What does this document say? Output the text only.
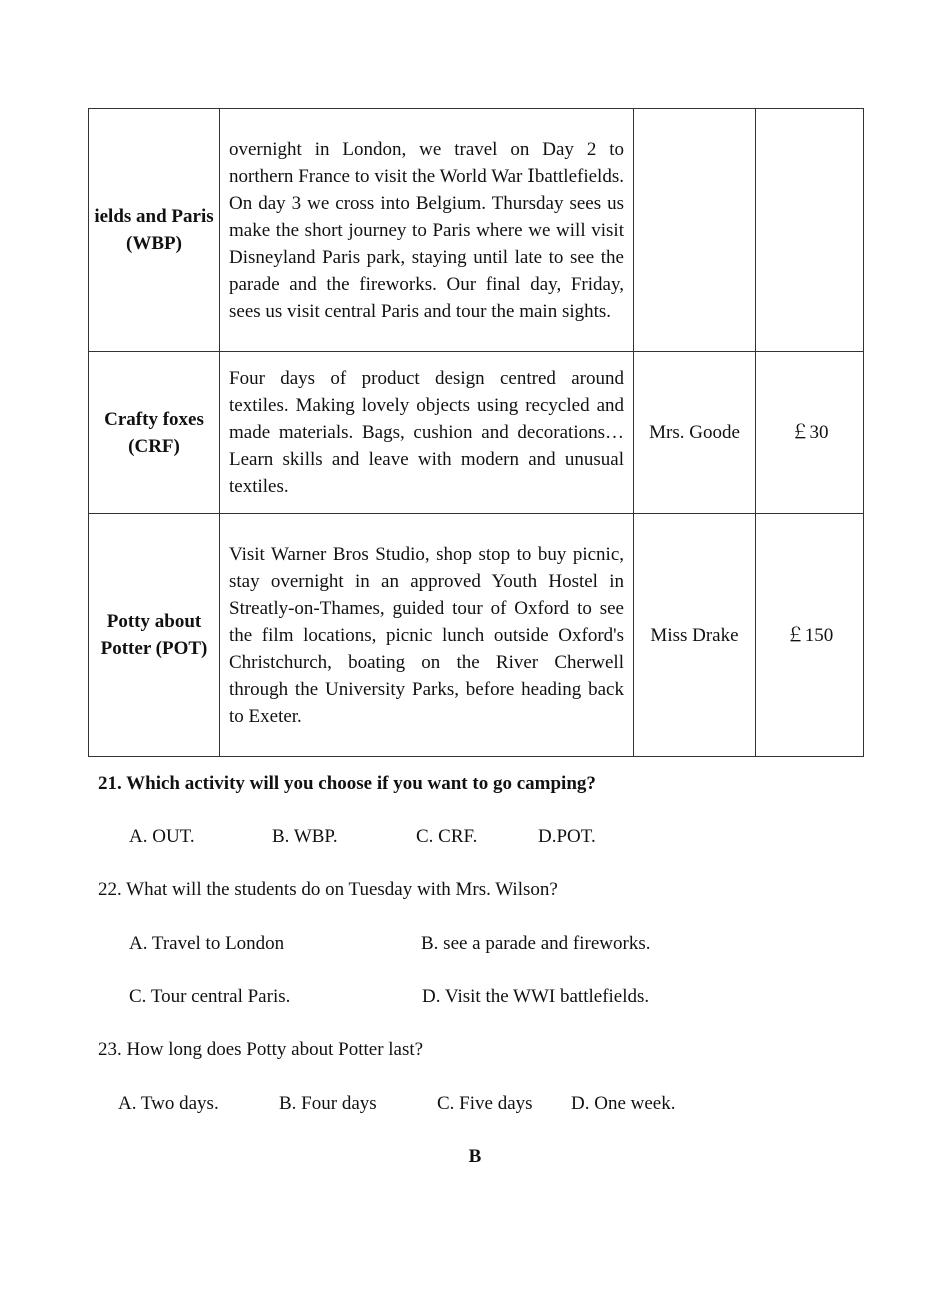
ields and Paris (WBP)	overnight in London, we travel on Day 2 to northern France to visit the World War Ⅰbattlefields. On day 3 we cross into Belgium. Thursday sees us make the short journey to Paris where we will visit Disneyland Paris park, staying until late to see the parade and the fireworks. Our final day, Friday, sees us visit central Paris and tour the main sights.		
Crafty foxes (CRF)	Four days of product design centred around textiles. Making lovely objects using recycled and made materials. Bags, cushion and decorations… Learn skills and leave with modern and unusual textiles.	Mrs. Goode	￡30
Potty about Potter (POT)	Visit Warner Bros Studio, shop stop to buy picnic, stay overnight in an approved Youth Hostel in Streatly-on-Thames, guided tour of Oxford to see the film locations, picnic lunch outside Oxford's Christchurch, boating on the River Cherwell through the University Parks, before heading back to Exeter.	Miss Drake	￡150
21. Which activity will you choose if you want to go camping?
A. OUT.	B. WBP.	C. CRF.	D.POT.
22. What will the students do on Tuesday with Mrs. Wilson?
A. Travel to London	B. see a parade and fireworks.
C. Tour central Paris.	D. Visit the WWI battlefields.
23. How long does Potty about Potter last?
A. Two days.	B. Four days	C. Five days D. One week.
B
